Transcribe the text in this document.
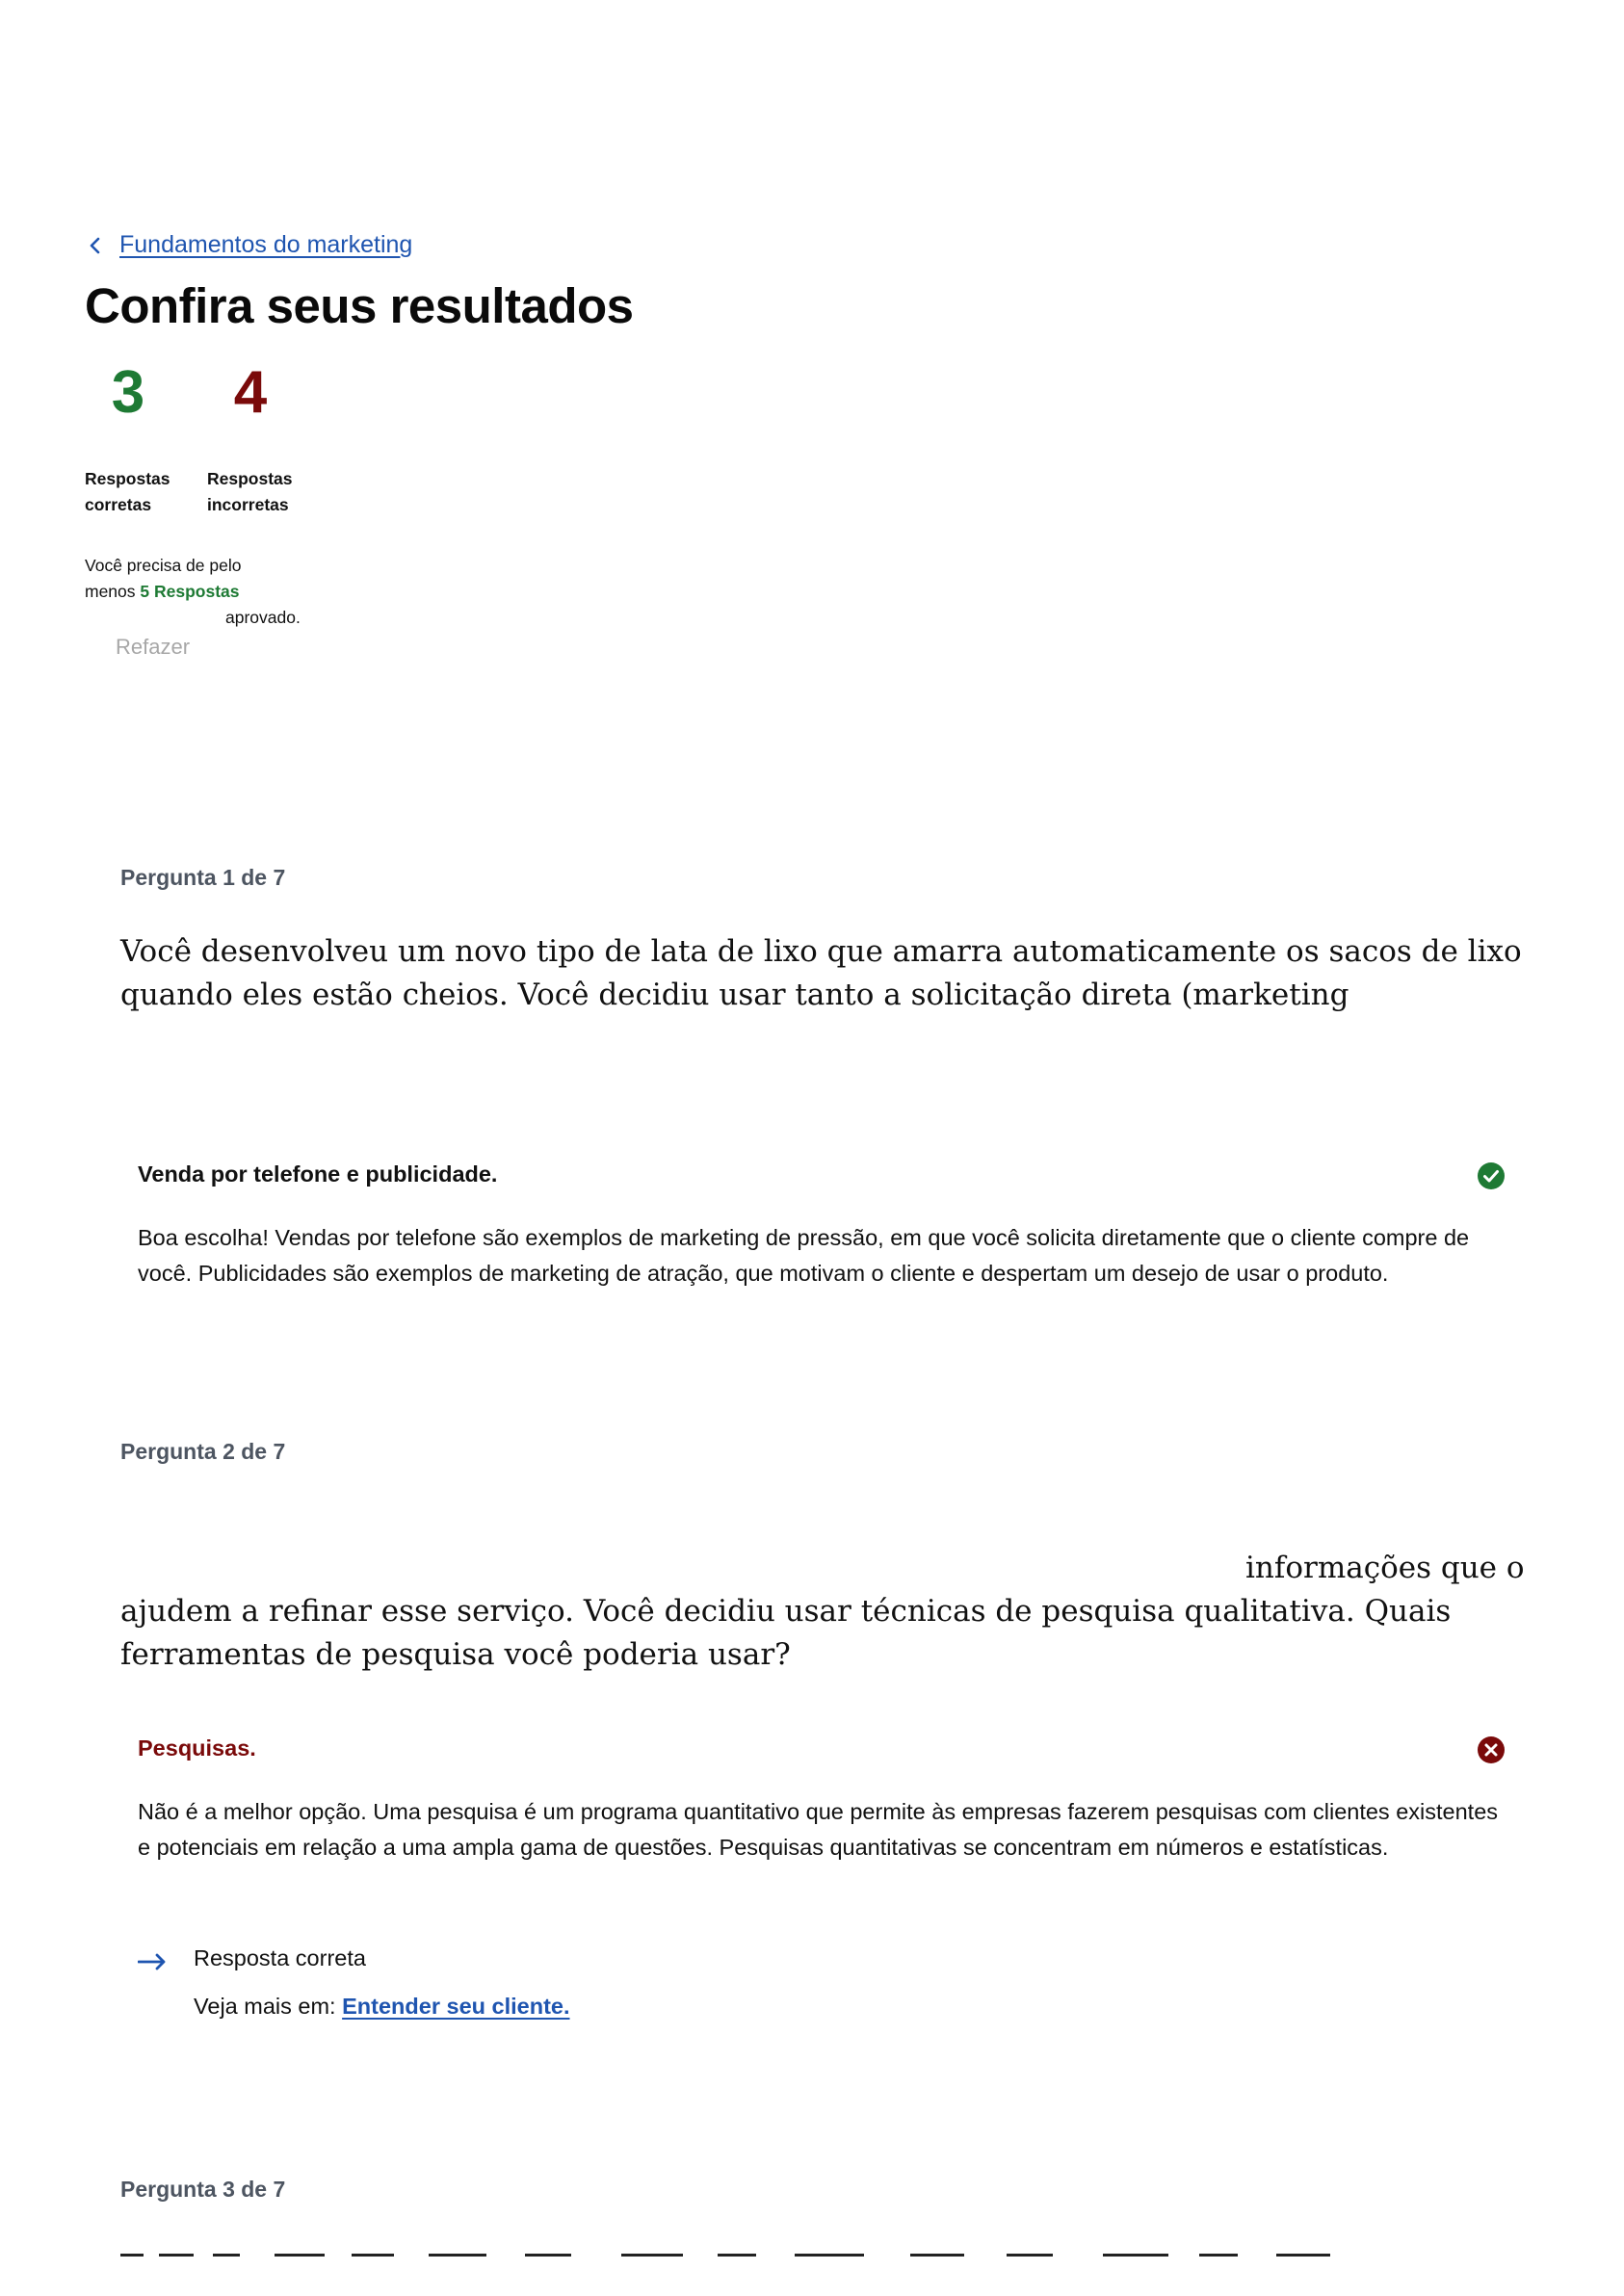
Fundamentos do marketing
Confira seus resultados
3	4
Respostas corretas
Respostas incorretas
Você precisa de pelo menos 5 Respostas
aprovado.
Refazer
Pergunta 1 de 7

Você desenvolveu um novo tipo de lata de lixo que amarra automaticamente os sacos de lixo quando eles estão cheios. Você decidiu usar tanto a solicitação direta (marketing

Venda por telefone e publicidade.

Boa escolha! Vendas por telefone são exemplos de marketing de pressão, em que você solicita diretamente que o cliente compre de você. Publicidades são exemplos de marketing de atração, que motivam o cliente e despertam um desejo de usar o produto.

Pergunta 2 de 7

informações que o

ajudem a refinar esse serviço. Você decidiu usar técnicas de pesquisa qualitativa. Quais ferramentas de pesquisa você poderia usar?

Pesquisas.

Não é a melhor opção. Uma pesquisa é um programa quantitativo que permite às empresas fazerem pesquisas com clientes existentes e potenciais em relação a uma ampla gama de questões. Pesquisas quantitativas se concentram em números e estatísticas.

Resposta correta
Veja mais em: Entender seu cliente.
Pergunta 3 de 7
